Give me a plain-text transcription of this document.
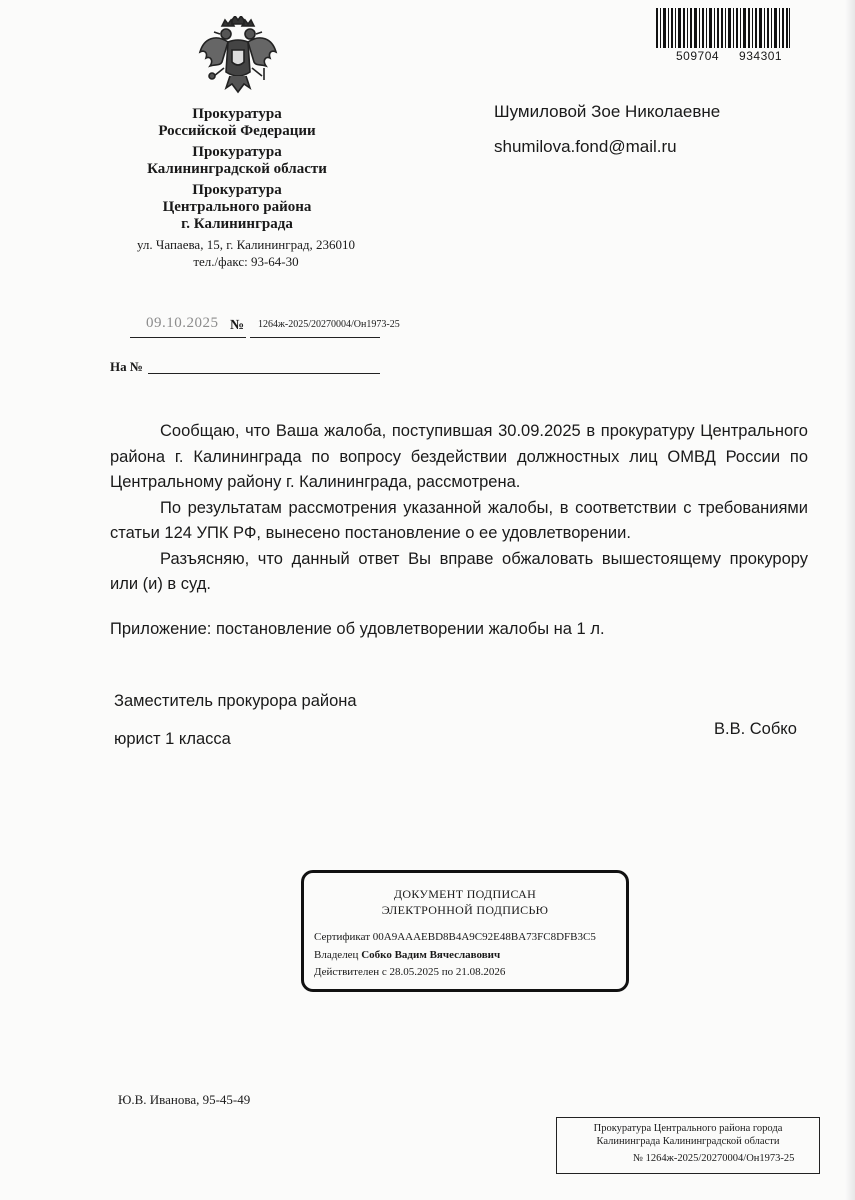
509704 934301
Прокуратура
Российской Федерации
Прокуратура
Калининградской области
Прокуратура
Центрального района
г. Калининграда
ул. Чапаева, 15, г. Калининград, 236010
тел./факс: 93-64-30
Шумиловой Зое Николаевне
shumilova.fond@mail.ru
09.10.2025 № 1264ж-2025/20270004/Он1973-25
На №

Сообщаю, что Ваша жалоба, поступившая 30.09.2025 в прокуратуру Центрального района г. Калининграда по вопросу бездействии должностных лиц ОМВД России по Центральному району г. Калининграда, рассмотрена.

По результатам рассмотрения указанной жалобы, в соответствии с требованиями статьи 124 УПК РФ, вынесено постановление о ее удовлетворении.

Разъясняю, что данный ответ Вы вправе обжаловать вышестоящему прокурору или (и) в суд.

Приложение: постановление об удовлетворении жалобы на 1 л.
Заместитель прокурора района
юрист 1 класса
В.В. Собко
ДОКУМЕНТ ПОДПИСАН
ЭЛЕКТРОННОЙ ПОДПИСЬЮ
Сертификат 00A9AAAEBD8B4A9C92E48BA73FC8DFB3C5
Владелец Собко Вадим Вячеславович
Действителен с 28.05.2025 по 21.08.2026
Ю.В. Иванова, 95-45-49
Прокуратура Центрального района города
Калининграда Калининградской области
№ 1264ж-2025/20270004/Он1973-25
